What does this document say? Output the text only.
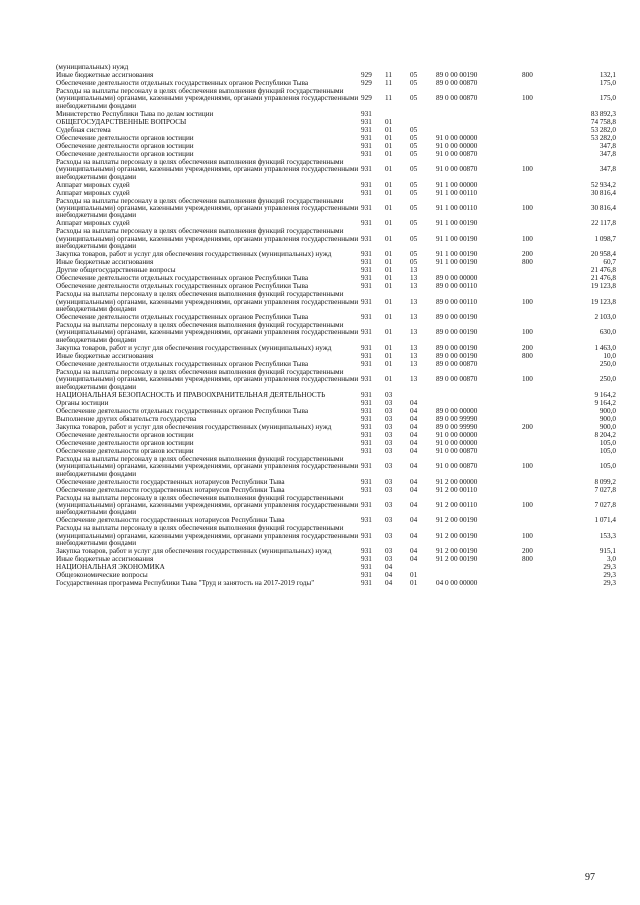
(муниципальных) нужд						
Иные бюджетные ассигнования	929	11	05	89 0 00 00190	800	132,1
Обеспечение деятельности отдельных государственных органов Республики Тыва	929	11	05	89 0 00 00870		175,0
Расходы на выплаты персоналу в целях обеспечения выполнения функций государственными (муниципальными) органами, казенными учреждениями, органами управления государственными внебюджетными фондами	929	11	05	89 0 00 00870	100	175,0
Министерство Республики Тыва по делам юстиции	931					83 892,3
ОБЩЕГОСУДАРСТВЕННЫЕ ВОПРОСЫ	931	01				74 758,8
Судебная система	931	01	05			53 282,0
Обеспечение деятельности органов юстиции	931	01	05	91 0 00 00000		53 282,0
Обеспечение деятельности органов юстиции	931	01	05	91 0 00 00000		347,8
Обеспечение деятельности органов юстиции	931	01	05	91 0 00 00870		347,8
Расходы на выплаты персоналу в целях обеспечения выполнения функций государственными (муниципальными) органами, казенными учреждениями, органами управления государственными внебюджетными фондами	931	01	05	91 0 00 00870	100	347,8
Аппарат мировых судей	931	01	05	91 1 00 00000		52 934,2
Аппарат мировых судей	931	01	05	91 1 00 00110		30 816,4
Расходы на выплаты персоналу в целях обеспечения выполнения функций государственными (муниципальными) органами, казенными учреждениями, органами управления государственными внебюджетными фондами	931	01	05	91 1 00 00110	100	30 816,4
Аппарат мировых судей	931	01	05	91 1 00 00190		22 117,8
Расходы на выплаты персоналу в целях обеспечения выполнения функций государственными (муниципальными) органами, казенными учреждениями, органами управления государственными внебюджетными фондами	931	01	05	91 1 00 00190	100	1 098,7
Закупка товаров, работ и услуг для обеспечения государственных (муниципальных) нужд	931	01	05	91 1 00 00190	200	20 958,4
Иные бюджетные ассигнования	931	01	05	91 1 00 00190	800	60,7
Другие общегосударственные вопросы	931	01	13			21 476,8
Обеспечение деятельности отдельных государственных органов Республики Тыва	931	01	13	89 0 00 00000		21 476,8
Обеспечение деятельности отдельных государственных органов Республики Тыва	931	01	13	89 0 00 00110		19 123,8
Расходы на выплаты персоналу в целях обеспечения выполнения функций государственными (муниципальными) органами, казенными учреждениями, органами управления государственными внебюджетными фондами	931	01	13	89 0 00 00110	100	19 123,8
Обеспечение деятельности отдельных государственных органов Республики Тыва	931	01	13	89 0 00 00190		2 103,0
Расходы на выплаты персоналу в целях обеспечения выполнения функций государственными (муниципальными) органами, казенными учреждениями, органами управления государственными внебюджетными фондами	931	01	13	89 0 00 00190	100	630,0
Закупка товаров, работ и услуг для обеспечения государственных (муниципальных) нужд	931	01	13	89 0 00 00190	200	1 463,0
Иные бюджетные ассигнования	931	01	13	89 0 00 00190	800	10,0
Обеспечение деятельности отдельных государственных органов Республики Тыва	931	01	13	89 0 00 00870		250,0
Расходы на выплаты персоналу в целях обеспечения выполнения функций государственными (муниципальными) органами, казенными учреждениями, органами управления государственными внебюджетными фондами	931	01	13	89 0 00 00870	100	250,0
НАЦИОНАЛЬНАЯ БЕЗОПАСНОСТЬ И ПРАВООХРАНИТЕЛЬНАЯ ДЕЯТЕЛЬНОСТЬ	931	03				9 164,2
Органы юстиции	931	03	04			9 164,2
Обеспечение деятельности отдельных государственных органов Республики Тыва	931	03	04	89 0 00 00000		900,0
Выполнение других обязательств государства	931	03	04	89 0 00 99990		900,0
Закупка товаров, работ и услуг для обеспечения государственных (муниципальных) нужд	931	03	04	89 0 00 99990	200	900,0
Обеспечение деятельности органов юстиции	931	03	04	91 0 00 00000		8 204,2
Обеспечение деятельности органов юстиции	931	03	04	91 0 00 00000		105,0
Обеспечение деятельности органов юстиции	931	03	04	91 0 00 00870		105,0
Расходы на выплаты персоналу в целях обеспечения выполнения функций государственными (муниципальными) органами, казенными учреждениями, органами управления государственными внебюджетными фондами	931	03	04	91 0 00 00870	100	105,0
Обеспечение деятельности государственных нотариусов Республики Тыва	931	03	04	91 2 00 00000		8 099,2
Обеспечение деятельности государственных нотариусов Республики Тыва	931	03	04	91 2 00 00110		7 027,8
Расходы на выплаты персоналу в целях обеспечения выполнения функций государственными (муниципальными) органами, казенными учреждениями, органами управления государственными внебюджетными фондами	931	03	04	91 2 00 00110	100	7 027,8
Обеспечение деятельности государственных нотариусов Республики Тыва	931	03	04	91 2 00 00190		1 071,4
Расходы на выплаты персоналу в целях обеспечения выполнения функций государственными (муниципальными) органами, казенными учреждениями, органами управления государственными внебюджетными фондами	931	03	04	91 2 00 00190	100	153,3
Закупка товаров, работ и услуг для обеспечения государственных (муниципальных) нужд	931	03	04	91 2 00 00190	200	915,1
Иные бюджетные ассигнования	931	03	04	91 2 00 00190	800	3,0
НАЦИОНАЛЬНАЯ ЭКОНОМИКА	931	04				29,3
Общеэкономические вопросы	931	04	01			29,3
Государственная программа Республики Тыва "Труд и занятость на 2017-2019 годы"	931	04	01	04 0 00 00000		29,3
97
